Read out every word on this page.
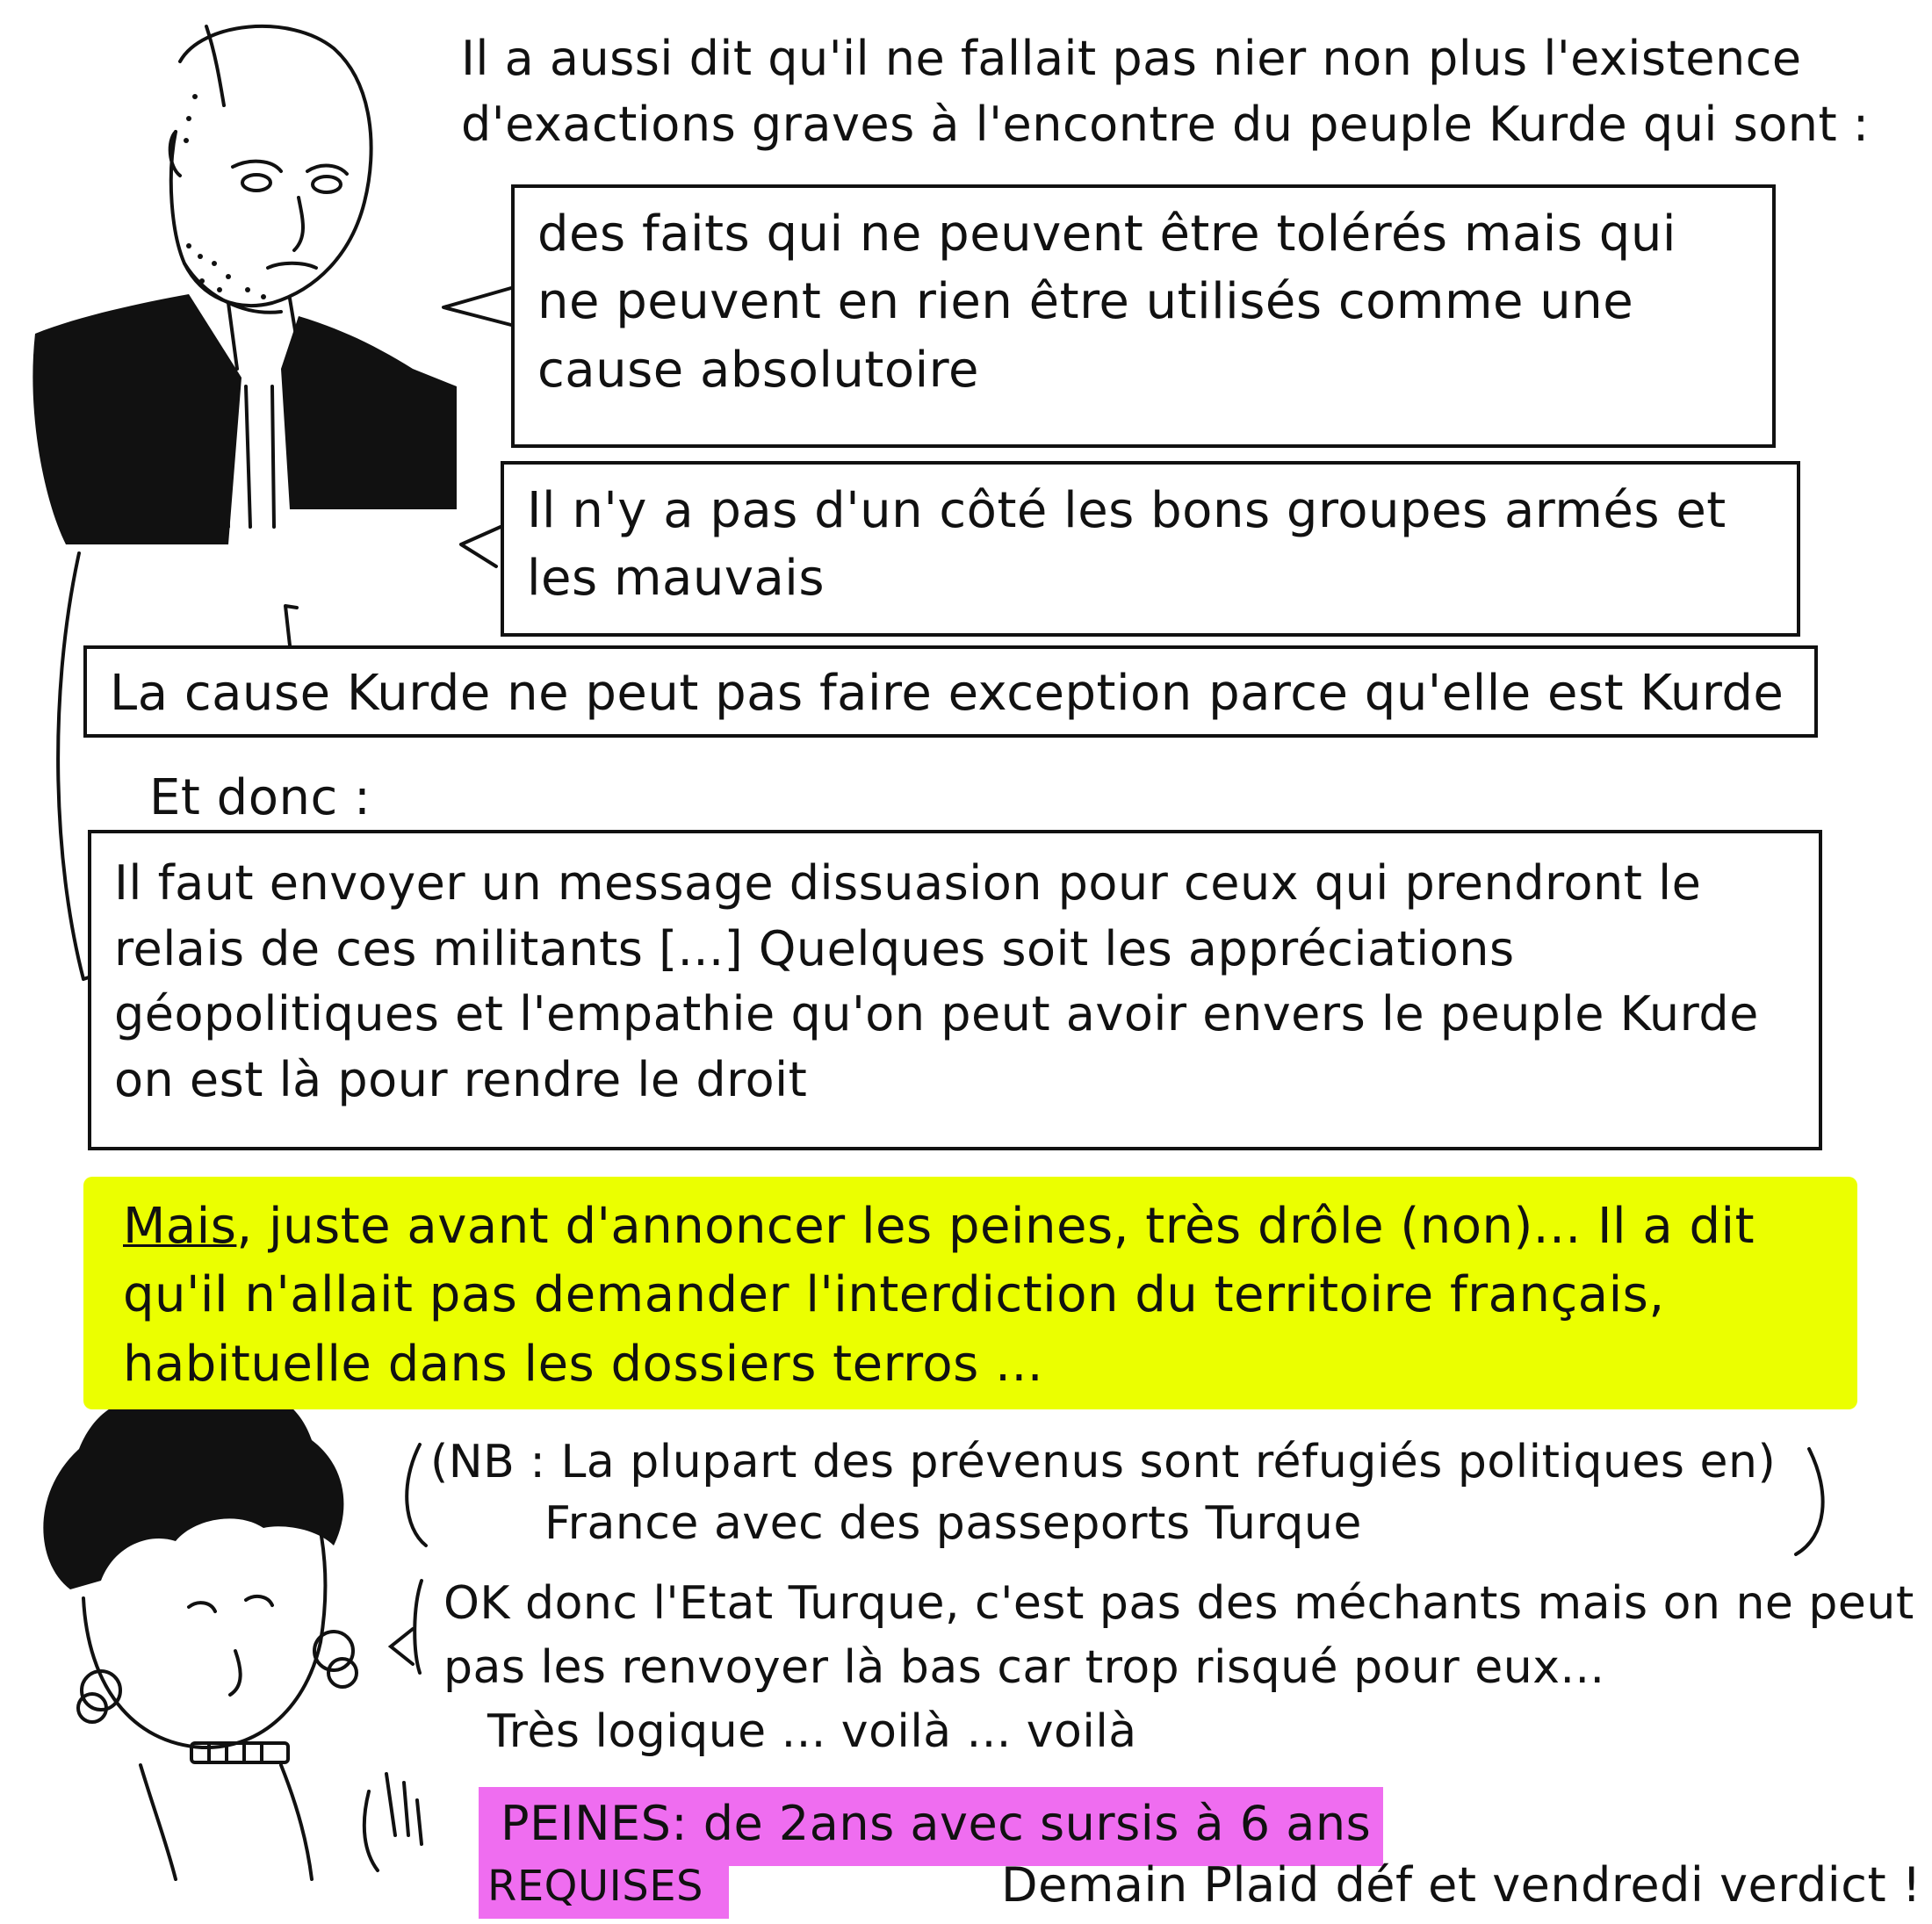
Il a aussi dit qu'il ne fallait pas nier non plus l'existence
d'exactions graves à l'encontre du peuple Kurde qui sont :
des faits qui ne peuvent être tolérés mais qui ne peuvent en rien être utilisés comme une cause absolutoire
Il n'y a pas d'un côté les bons groupes armés et les mauvais
La cause Kurde ne peut pas faire exception parce qu'elle est Kurde
Et donc :
Il faut envoyer un message dissuasion pour ceux qui prendront le relais de ces militants [...] Quelques soit les appréciations géopolitiques et l'empathie qu'on peut avoir envers le peuple Kurde on est là pour rendre le droit
Mais, juste avant d'annoncer les peines, très drôle (non)... Il a dit
qu'il n'allait pas demander l'interdiction du territoire français,
habituelle dans les dossiers terros ...
(NB : La plupart des prévenus sont réfugiés politiques en)
France avec des passeports Turque
OK donc l'Etat Turque, c'est pas des méchants mais on ne peut
pas les renvoyer là bas car trop risqué pour eux...
Très logique ... voilà ... voilà
PEINES: de 2ans avec sursis à 6 ans
REQUISES	Demain Plaid déf et vendredi verdict !
